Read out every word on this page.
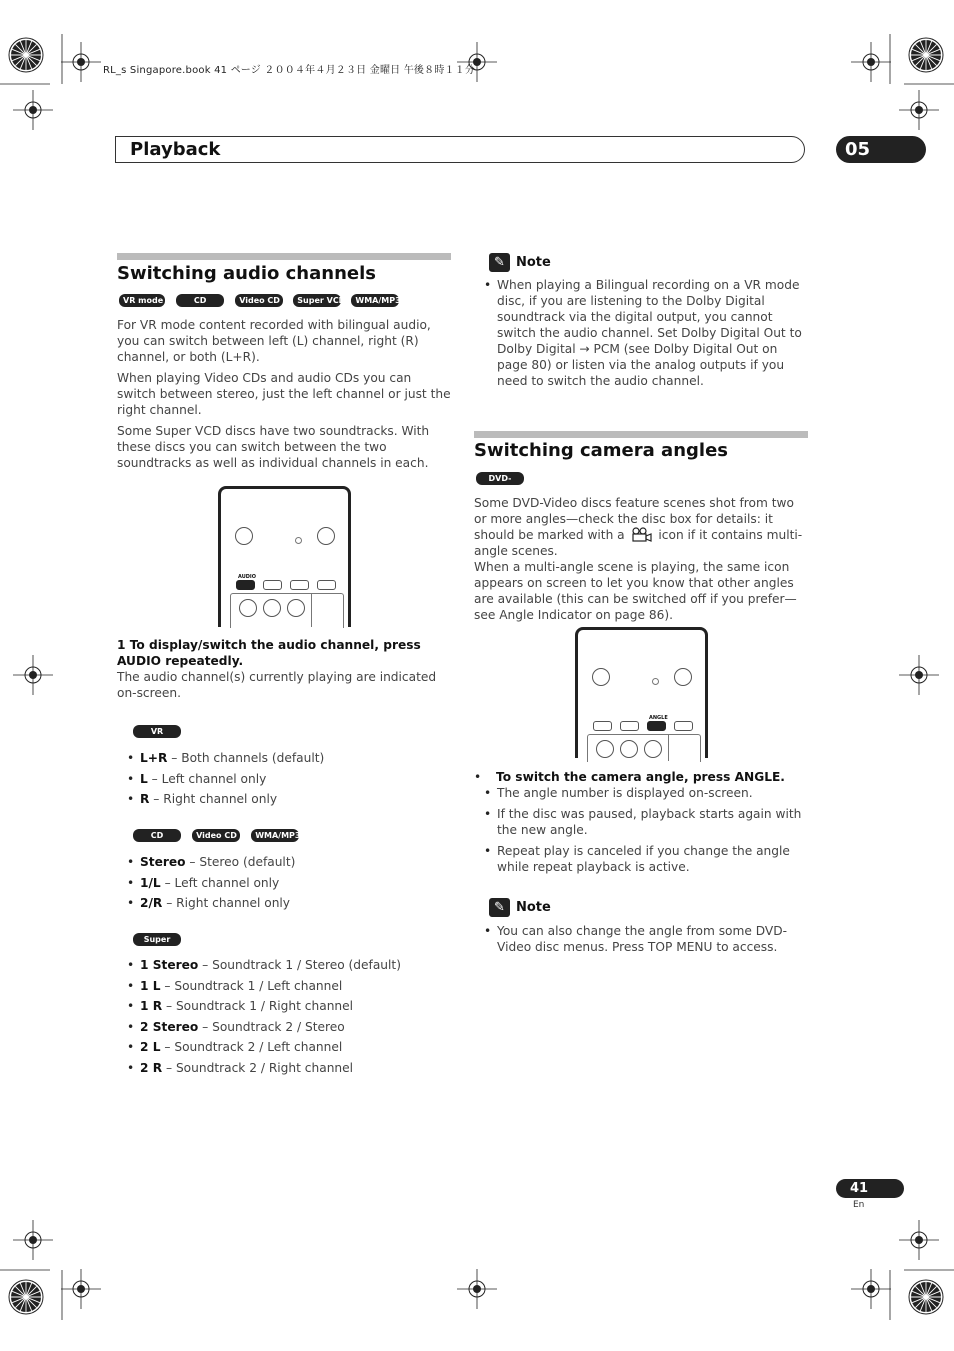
RL_s Singapore.book 41 ページ ２００４年４月２３日 金曜日 午後８時１１分
Playback	05
Switching audio channels
VR mode	CD	Video CD Super VCD WMA/MP3

For VR mode content recorded with bilingual audio, you can switch between left (L) channel, right (R) channel, or both (L+R).

When playing Video CDs and audio CDs you can switch between stereo, just the left channel or just the right channel.

Some Super VCD discs have two soundtracks. With these discs you can switch between the two soundtracks as well as individual channels in each.

AUDIO
1 To display/switch the audio channel, press AUDIO repeatedly.
The audio channel(s) currently playing are indicated on-screen.
VR mode
• L+R – Both channels (default)
• L – Left channel only
• R – Right channel only
CD	Video CD WMA/MP3
• Stereo – Stereo (default)
• 1/L – Left channel only
• 2/R – Right channel only
Super VCD
• 1 Stereo – Soundtrack 1 / Stereo (default)
• 1 L – Soundtrack 1 / Left channel
• 1 R – Soundtrack 1 / Right channel
• 2 Stereo – Soundtrack 2 / Stereo
• 2 L – Soundtrack 2 / Left channel
• 2 R – Soundtrack 2 / Right channel
✎ Note
• When playing a Bilingual recording on a VR mode disc, if you are listening to the Dolby Digital soundtrack via the digital output, you cannot switch the audio channel. Set Dolby Digital Out to Dolby Digital → PCM (see Dolby Digital Out on page 80) or listen via the analog outputs if you need to switch the audio channel.
Switching camera angles
DVD-Video

Some DVD-Video discs feature scenes shot from two or more angles—check the disc box for details: it should be marked with a	icon if it contains multi-angle scenes.

When a multi-angle scene is playing, the same icon appears on screen to let you know that other angles are available (this can be switched off if you prefer—see Angle Indicator on page 86).

ANGLE
• To switch the camera angle, press ANGLE.
• The angle number is displayed on-screen.
• If the disc was paused, playback starts again with the new angle.
• Repeat play is canceled if you change the angle while repeat playback is active.
✎ Note
• You can also change the angle from some DVD-Video disc menus. Press TOP MENU to access.
41
En
